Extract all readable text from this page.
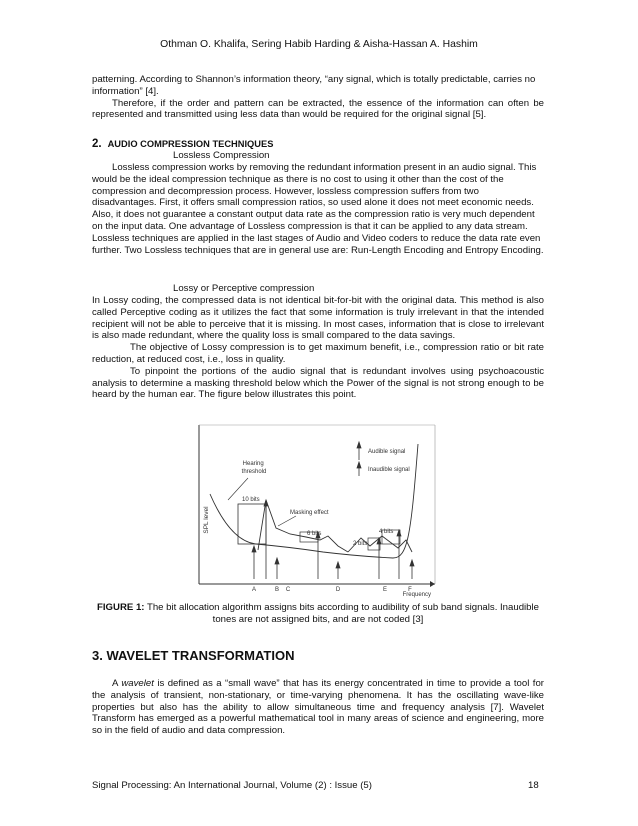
Othman O. Khalifa, Sering Habib Harding & Aisha-Hassan A. Hashim

patterning. According to Shannon’s information theory, “any signal, which is totally predictable, carries no information” [4].

Therefore, if the order and pattern can be extracted, the essence of the information can often be represented and transmitted using less data than would be required for the original signal [5].

2. AUDIO COMPRESSION TECHNIQUES
Lossless Compression

Lossless compression works by removing the redundant information present in an audio signal. This would be the ideal compression technique as there is no cost to using it other than the cost of the compression and decompression process. However, lossless compression suffers from two disadvantages. First, it offers small compression ratios, so used alone it does not meet economic needs. Also, it does not guarantee a constant output data rate as the compression ratio is very much dependent on the input data. One advantage of Lossless compression is that it can be applied to any data stream. Lossless techniques are applied in the last stages of Audio and Video coders to reduce the data rate even further. Two Lossless techniques that are in general use are: Run-Length Encoding and Entropy Encoding.

Lossy or Perceptive compression

In Lossy coding, the compressed data is not identical bit-for-bit with the original data. This method is also called Perceptive coding as it utilizes the fact that some information is truly irrelevant in that the intended recipient will not be able to perceive that it is missing. In most cases, information that is close to irrelevant is also made redundant, where the quality loss is small compared to the data savings.

The objective of Lossy compression is to get maximum benefit, i.e., compression ratio or bit rate reduction, at reduced cost, i.e., loss in quality.

To pinpoint the portions of the audio signal that is redundant involves using psychoacoustic analysis to determine a masking threshold below which the Power of the signal is not strong enough to be heard by the human ear. The figure below illustrates this point.

SPL level
Frequency
Audible signal
Inaudible signal
Hearing threshold
Masking effect
10 bits
6 bits
2 bits
4 bits
A	B C	D	E	F
FIGURE 1: The bit allocation algorithm assigns bits according to audibility of sub band signals. Inaudible tones are not assigned bits, and are not coded [3]
3. WAVELET TRANSFORMATION

A wavelet is defined as a “small wave” that has its energy concentrated in time to provide a tool for the analysis of transient, non-stationary, or time-varying phenomena. It has the oscillating wave-like properties but also has the ability to allow simultaneous time and frequency analysis [7]. Wavelet Transform has emerged as a powerful mathematical tool in many areas of science and engineering, more so in the field of audio and data compression.

Signal Processing: An International Journal, Volume (2) : Issue (5)	18
